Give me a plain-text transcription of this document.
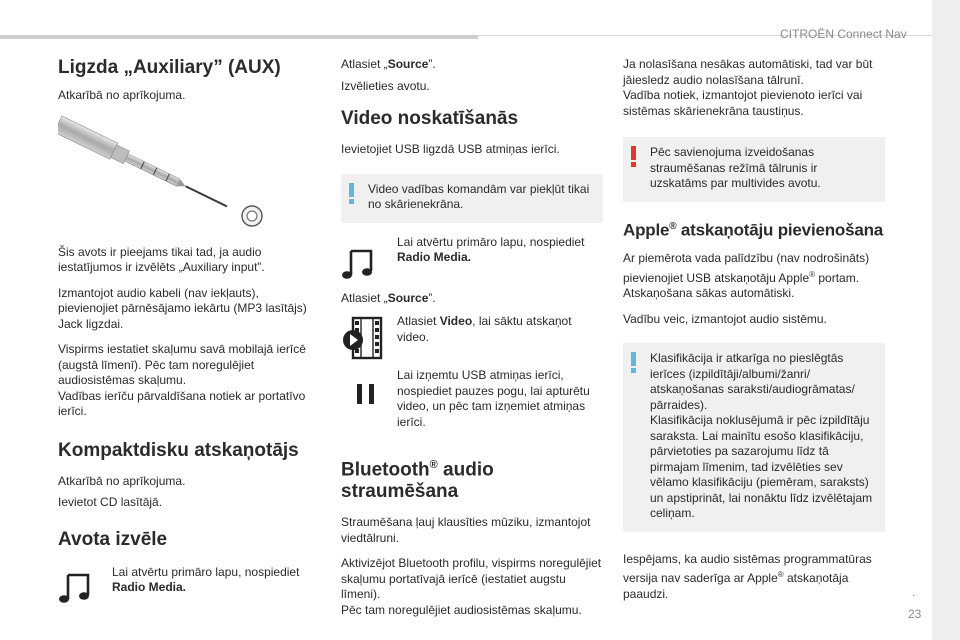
CITROËN Connect Nav
.
23
Ligzda „Auxiliary” (AUX)

Atkarībā no aprīkojuma.

Šis avots ir pieejams tikai tad, ja audio iestatījumos ir izvēlēts „Auxiliary input”.

Izmantojot audio kabeli (nav iekļauts), pievienojiet pārnēsājamo iekārtu (MP3 lasītājs) Jack ligzdai.

Vispirms iestatiet skaļumu savā mobilajā ierīcē (augstā līmenī). Pēc tam noregulējiet audiosistēmas skaļumu.

Vadības ierīču pārvaldīšana notiek ar portatīvo ierīci.

Kompaktdisku atskaņotājs

Atkarībā no aprīkojuma.

Ievietot CD lasītājā.

Avota izvēle
Lai atvērtu primāro lapu, nospiediet
Radio Media.

Atlasiet „Source”.

Izvēlieties avotu.

Video noskatīšanās

Ievietojiet USB ligzdā USB atmiņas ierīci.

Video vadības komandām var piekļūt tikai no skārienekrāna.
Lai atvērtu primāro lapu, nospiediet
Radio Media.

Atlasiet „Source”.

Atlasiet Video, lai sāktu atskaņot video.
Lai izņemtu USB atmiņas ierīci, nospiediet pauzes pogu, lai apturētu video, un pēc tam izņemiet atmiņas ierīci.
Bluetooth® audio straumēšana

Straumēšana ļauj klausīties mūziku, izmantojot viedtālruni.

Aktivizējot Bluetooth profilu, vispirms noregulējiet skaļumu portatīvajā ierīcē (iestatiet augstu līmeni).

Pēc tam noregulējiet audiosistēmas skaļumu.

Ja nolasīšana nesākas automātiski, tad var būt jāiesledz audio nolasīšana tālrunī.

Vadība notiek, izmantojot pievienoto ierīci vai sistēmas skārienekrāna taustiņus.

Pēc savienojuma izveidošanas straumēšanas režīmā tālrunis ir uzskatāms par multivides avotu.
Apple® atskaņotāju pievienošana

Ar piemērota vada palīdzību (nav nodrošināts) pievienojiet USB atskaņotāju Apple® portam.

Atskaņošana sākas automātiski.

Vadību veic, izmantojot audio sistēmu.

Klasifikācija ir atkarīga no pieslēgtās ierīces (izpildītāji/albumi/žanri/ atskaņošanas saraksti/audiogrāmatas/ pārraides).
Klasifikācija noklusējumā ir pēc izpildītāju saraksta. Lai mainītu esošo klasifikāciju, pārvietoties pa sazarojumu līdz tā pirmajam līmenim, tad izvēlēties sev vēlamo klasifikāciju (piemēram, saraksts) un apstiprināt, lai nonāktu līdz izvēlētajam celiņam.

Iespējams, ka audio sistēmas programmatūras versija nav saderīga ar Apple® atskaņotāja paaudzi.
